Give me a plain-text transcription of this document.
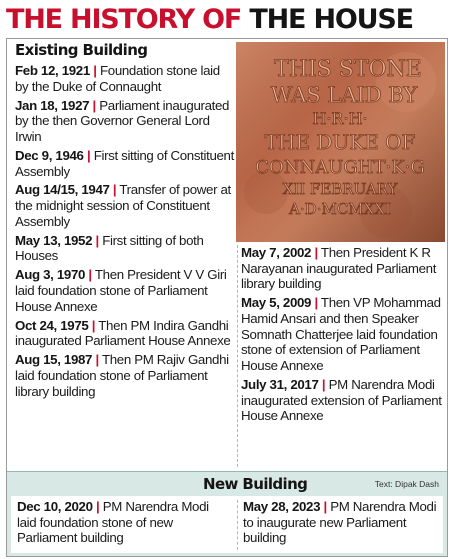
THE HISTORY OF THE HOUSE
Existing Building
Feb 12, 1921 | Foundation stone laid by the Duke of Connaught
Jan 18, 1927 | Parliament inaugurated by the then Governor General Lord Irwin
Dec 9, 1946 | First sitting of Constituent Assembly
Aug 14/15, 1947 | Transfer of power at the midnight session of Constituent Assembly
May 13, 1952 | First sitting of both Houses
Aug 3, 1970 | Then President V V Giri laid foundation stone of Parliament House Annexe
Oct 24, 1975 | Then PM Indira Gandhi inaugurated Parliament House Annexe
Aug 15, 1987 | Then PM Rajiv Gandhi laid foundation stone of Parliament library building
THIS STONE
WAS LAID BY
H·R·H·
THE DUKE OF
CONNAUGHT·K·G
XII FEBRUARY
A·D·MCMXXI
May 7, 2002 | Then President K R Narayanan inaugurated Parliament library building
May 5, 2009 | Then VP Mohammad Hamid Ansari and then Speaker Somnath Chatterjee laid foundation stone of extension of Parliament House Annexe
July 31, 2017 | PM Narendra Modi inaugurated extension of Parliament House Annexe
New Building	Text: Dipak Dash
Dec 10, 2020 | PM Narendra Modi laid foundation stone of new Parliament building
May 28, 2023 | PM Narendra Modi to inaugurate new Parliament building
